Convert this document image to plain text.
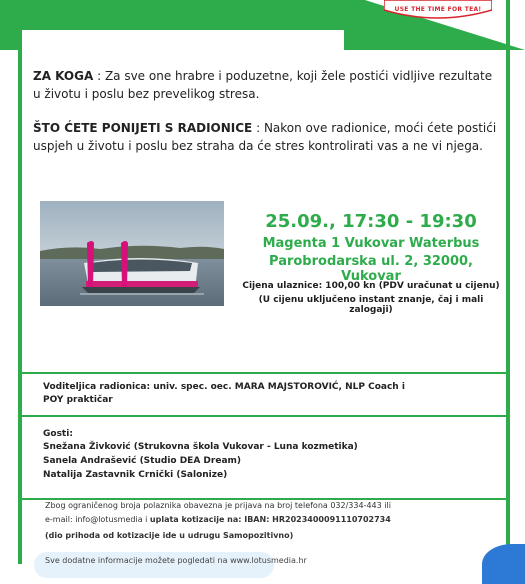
USE THE TIME FOR TEA!
ZA KOGA : Za sve one hrabre i poduzetne, koji žele postići vidljive rezultate u životu i poslu bez prevelikog stresa.
ŠTO ĆETE PONIJETI S RADIONICE : Nakon ove radionice, moći ćete postići uspjeh u životu i poslu bez straha da će stres kontrolirati vas a ne vi njega.
25.09., 17:30 - 19:30
Magenta 1 Vukovar Waterbus
Parobrodarska ul. 2, 32000, Vukovar
Cijena ulaznice: 100,00 kn (PDV uračunat u cijenu)
(U cijenu uključeno instant znanje, čaj i mali zalogaji)
Voditeljica radionica: univ. spec. oec. MARA MAJSTOROVIĆ, NLP Coach i
POY praktičar
Gosti:
Snežana Živković (Strukovna škola Vukovar - Luna kozmetika)
Sanela Andrašević (Studio DEA Dream)
Natalija Zastavnik Crnički (Salonize)
Zbog ograničenog broja polaznika obavezna je prijava na broj telefona 032/334-443 ili
e-mail: info@lotusmedia i uplata kotizacije na: IBAN: HR2023400091110702734
(dio prihoda od kotizacije ide u udrugu Samopozitivno)
Sve dodatne informacije možete pogledati na www.lotusmedia.hr
